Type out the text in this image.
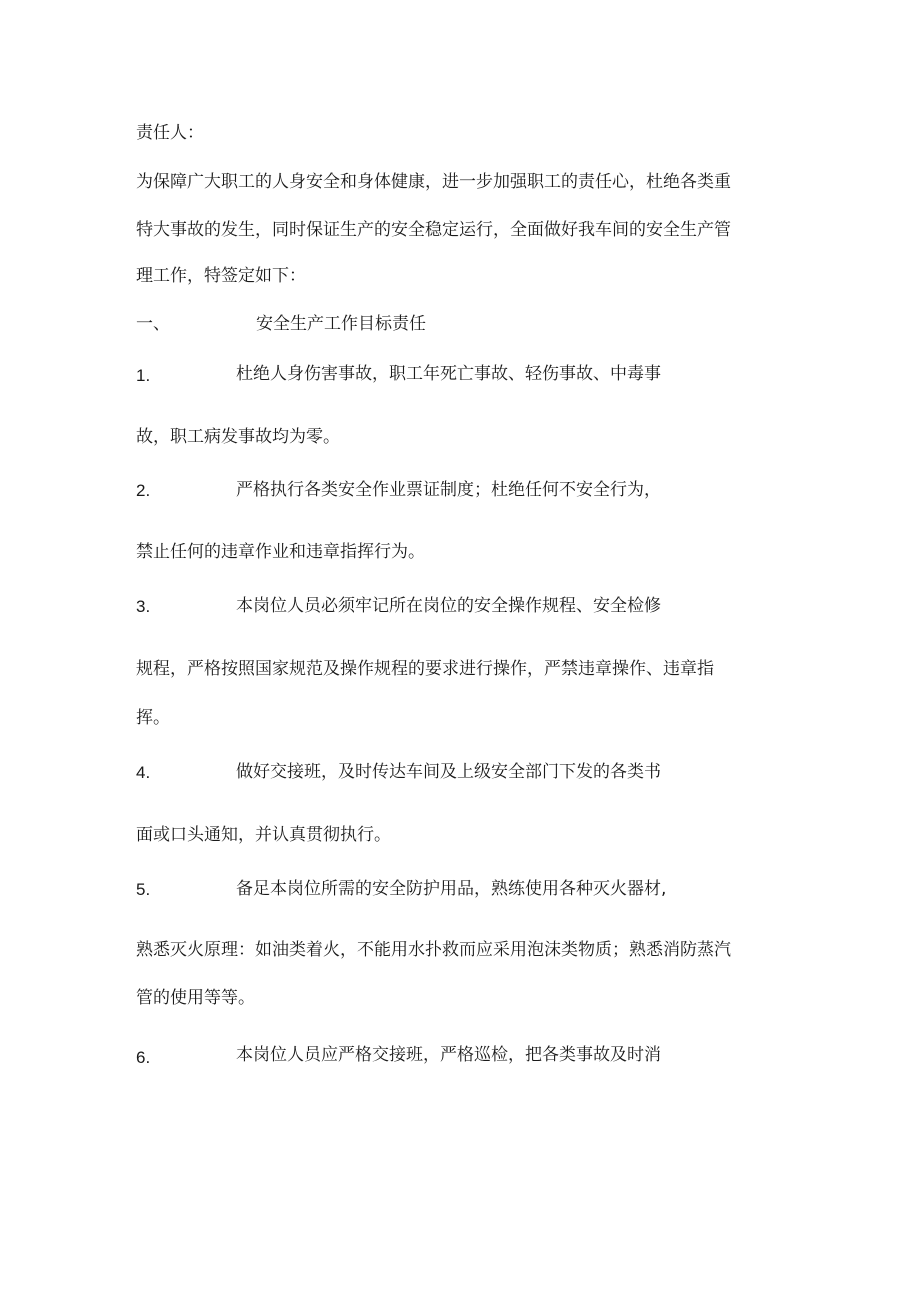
责任人：
为保障广大职工的人身安全和身体健康，进一步加强职工的责任心，杜绝各类重
特大事故的发生，同时保证生产的安全稳定运行，全面做好我车间的安全生产管
理工作，特签定如下：
一、	安全生产工作目标责任
1.	杜绝人身伤害事故，职工年死亡事故、轻伤事故、中毒事
故，职工病发事故均为零。
2.	严格执行各类安全作业票证制度；杜绝任何不安全行为，
禁止任何的违章作业和违章指挥行为。
3.	本岗位人员必须牢记所在岗位的安全操作规程、安全检修
规程，严格按照国家规范及操作规程的要求进行操作，严禁违章操作、违章指
挥。
4.	做好交接班，及时传达车间及上级安全部门下发的各类书
面或口头通知，并认真贯彻执行。
5.	备足本岗位所需的安全防护用品，熟练使用各种灭火器材,
熟悉灭火原理：如油类着火，不能用水扑救而应采用泡沫类物质；熟悉消防蒸汽
管的使用等等。
6.	本岗位人员应严格交接班，严格巡检，把各类事故及时消
